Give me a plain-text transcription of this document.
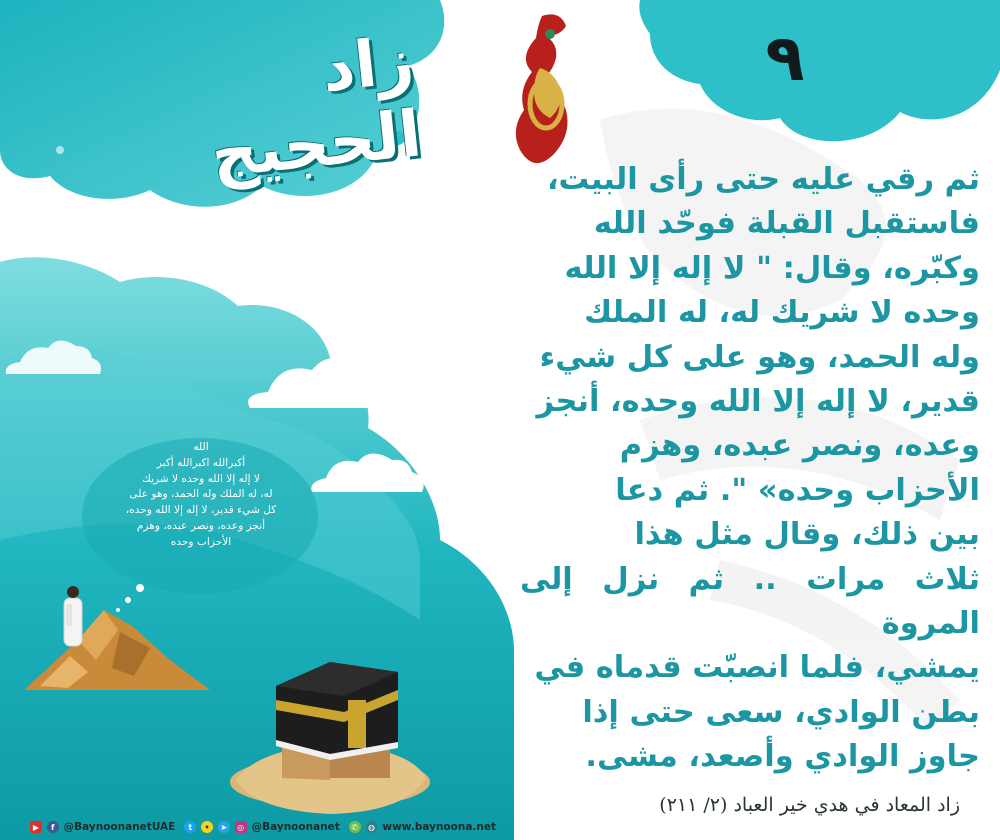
زاد الحجيج
٩
ثم رقي عليه حتى رأى البيت،
فاستقبل القبلة فوحّد الله
وكبّره، وقال: " لا إله إلا الله
وحده لا شريك له، له الملك
وله الحمد، وهو على كل شيء
قدير، لا إله إلا الله وحده، أنجز
وعده، ونصر عبده، وهزم
الأحزاب وحده» ". ثم دعا
بين ذلك، وقال مثل هذا
ثلاث مرات .. ثم نزل إلى المروة
يمشي، فلما انصبّت قدماه في
بطن الوادي، سعى حتى إذا
جاوز الوادي وأصعد، مشى.
زاد المعاد في هدي خير العباد (٢/ ٢١١)
الله
أكبرالله اكبرالله أكبر
لا إله إلا الله وحده لا شريك
له، له الملك وله الحمد، وهو على
كل شيء قدير، لا إله إلا الله وحده،
أنجز وعده، ونصر عبده، وهزم
الأحزاب وحده
▶	f @BaynoonanetUAE	t	•	➤	◎ @Baynoonanet	✆	◍ www.baynoona.net
